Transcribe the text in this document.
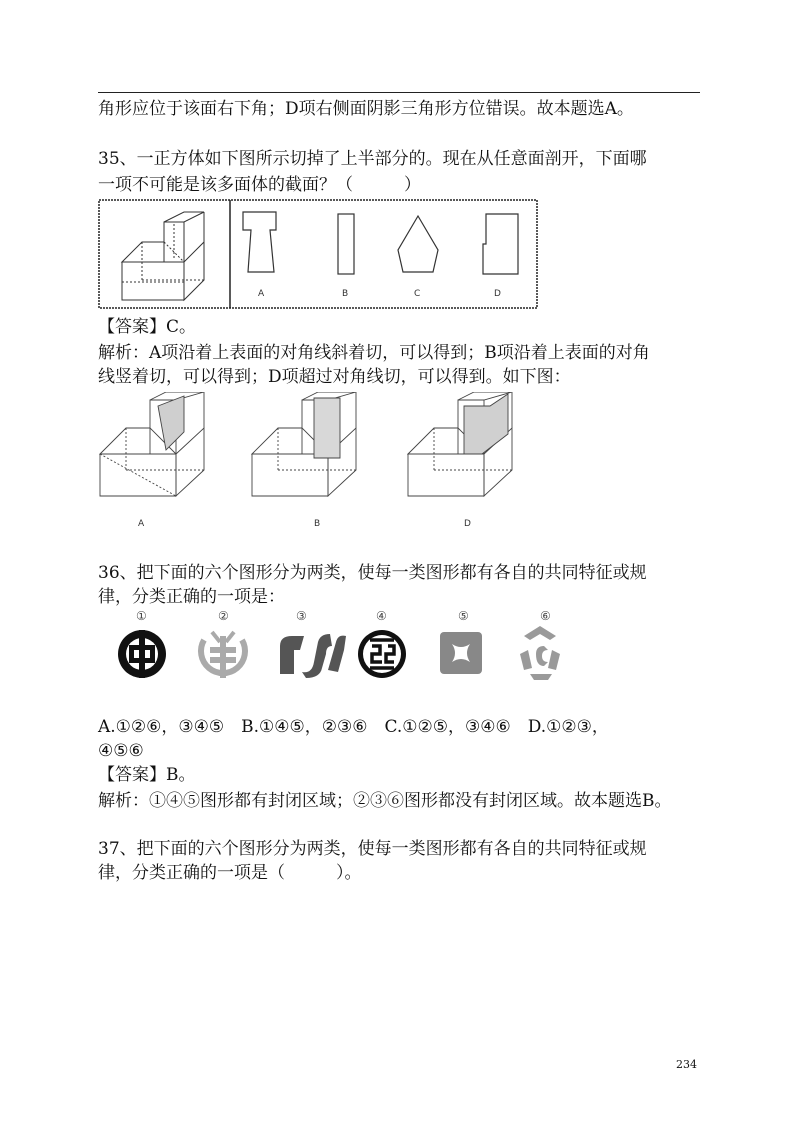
角形应位于该面右下角；D项右侧面阴影三角形方位错误。故本题选A。
35、一正方体如下图所示切掉了上半部分的。现在从任意面剖开，下面哪
一项不可能是该多面体的截面？（　　　）
A	B	C	D
【答案】C。
解析：A项沿着上表面的对角线斜着切，可以得到；B项沿着上表面的对角
线竖着切，可以得到；D项超过对角线切，可以得到。如下图：
A	B	D
36、把下面的六个图形分为两类，使每一类图形都有各自的共同特征或规
律，分类正确的一项是：
①	②	③	④	⑤	⑥
A.①②⑥，③④⑤　B.①④⑤，②③⑥　C.①②⑤，③④⑥　D.①②③，
④⑤⑥
【答案】B。
解析：①④⑤图形都有封闭区域；②③⑥图形都没有封闭区域。故本题选B。
37、把下面的六个图形分为两类，使每一类图形都有各自的共同特征或规
律，分类正确的一项是（　　　）。
234
